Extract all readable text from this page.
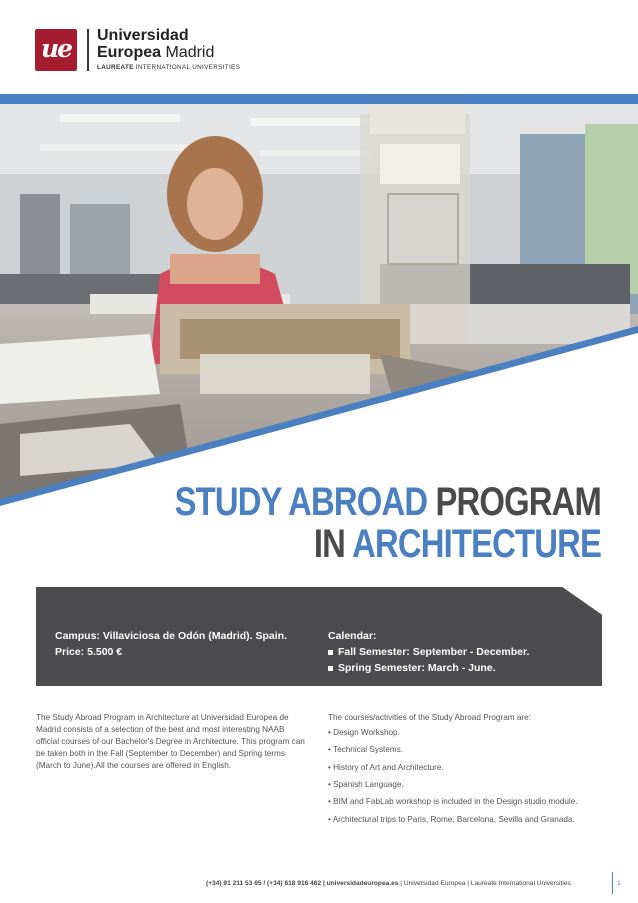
ue	Universidad
Europea Madrid
LAUREATE INTERNATIONAL UNIVERSITIES
STUDY ABROAD PROGRAM
IN ARCHITECTURE
Campus: Villaviciosa de Odón (Madrid). Spain.
Price: 5.500 €
Calendar:
Fall Semester: September - December.
Spring Semester: March - June.
The Study Abroad Program in Architecture at Universidad Europea de Madrid consists of a selection of the best and most interesting NAAB official courses of our Bachelor's Degree in Architecture. This program can be taken both in the Fall (September to December) and Spring terms (March to June).All the courses are offered in English.
The courses/activities of the Study Abroad Program are:
• Design Workshop.
• Technical Systems.
• History of Art and Architecture.
• Spanish Language.
• BIM and FabLab workshop is included in the Design studio module.
• Architectural trips to Paris, Rome, Barcelona, Sevilla and Granada.
(+34) 91 211 53 65 / (+34) 618 916 462 | universidadeuropea.es | Universidad Europea | Laureate International Universities	1
